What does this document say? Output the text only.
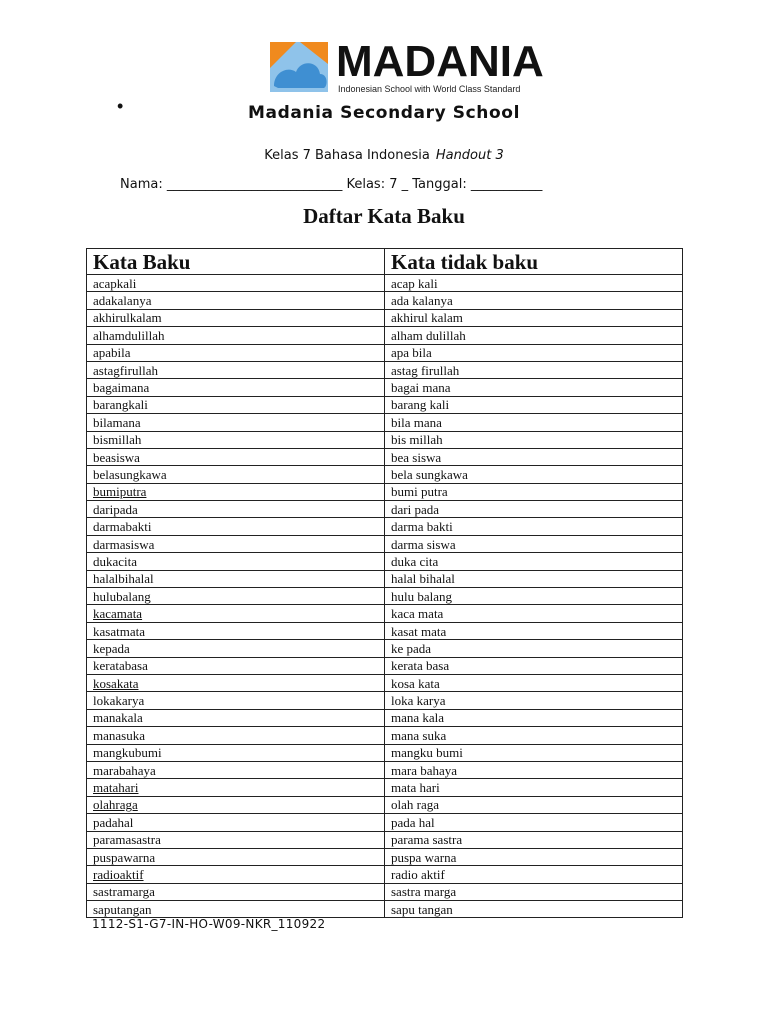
MADANIA
Indonesian School with World Class Standard
•	Madania Secondary School
Kelas 7 Bahasa Indonesia Handout 3
Nama: ___________________________ Kelas: 7 _ Tanggal: ___________
Daftar Kata Baku
Kata Baku	Kata tidak baku
acapkali	acap kali
adakalanya	ada kalanya
akhirulkalam	akhirul kalam
alhamdulillah	alham dulillah
apabila	apa bila
astagfirullah	astag firullah
bagaimana	bagai mana
barangkali	barang kali
bilamana	bila mana
bismillah	bis millah
beasiswa	bea siswa
belasungkawa	bela sungkawa
bumiputra	bumi putra
daripada	dari pada
darmabakti	darma bakti
darmasiswa	darma siswa
dukacita	duka cita
halalbihalal	halal bihalal
hulubalang	hulu balang
kacamata	kaca mata
kasatmata	kasat mata
kepada	ke pada
keratabasa	kerata basa
kosakata	kosa kata
lokakarya	loka karya
manakala	mana kala
manasuka	mana suka
mangkubumi	mangku bumi
marabahaya	mara bahaya
matahari	mata hari
olahraga	olah raga
padahal	pada hal
paramasastra	parama sastra
puspawarna	puspa warna
radioaktif	radio aktif
sastramarga	sastra marga
saputangan	sapu tangan
1112-S1-G7-IN-HO-W09-NKR_110922
